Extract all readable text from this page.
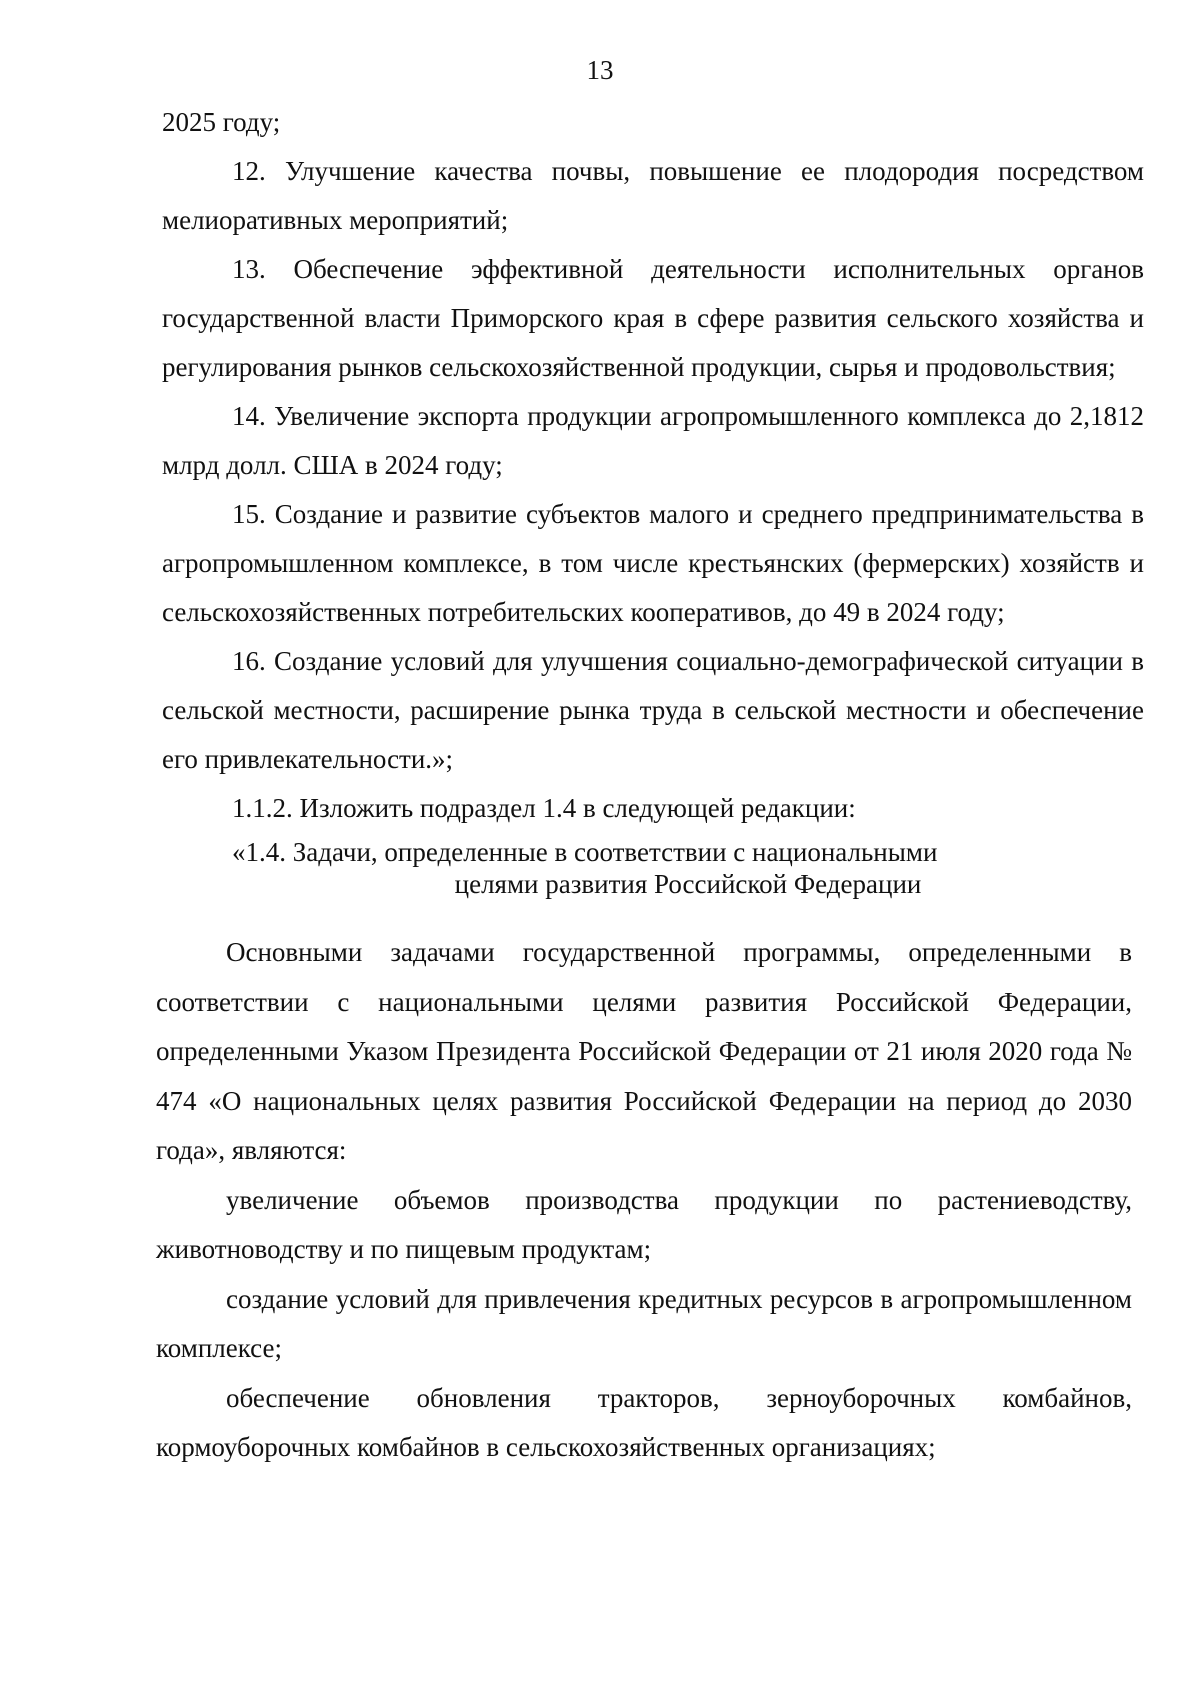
13

2025 году;

12. Улучшение качества почвы, повышение ее плодородия посредством мелиоративных мероприятий;

13. Обеспечение эффективной деятельности исполнительных органов государственной власти Приморского края в сфере развития сельского хозяйства и регулирования рынков сельскохозяйственной продукции, сырья и продовольствия;

14. Увеличение экспорта продукции агропромышленного комплекса до 2,1812 млрд долл. США в 2024 году;

15. Создание и развитие субъектов малого и среднего предпринимательства в агропромышленном комплексе, в том числе крестьянских (фермерских) хозяйств и сельскохозяйственных потребительских кооперативов, до 49 в 2024 году;

16. Создание условий для улучшения социально-демографической ситуации в сельской местности, расширение рынка труда в сельской местности и обеспечение его привлекательности.»;

1.1.2. Изложить подраздел 1.4 в следующей редакции:

«1.4. Задачи, определенные в соответствии с национальными
целями развития Российской Федерации

Основными задачами государственной программы, определенными в соответствии с национальными целями развития Российской Федерации, определенными Указом Президента Российской Федерации от 21 июля 2020 года № 474 «О национальных целях развития Российской Федерации на период до 2030 года», являются:

увеличение объемов производства продукции по растениеводству, животноводству и по пищевым продуктам;

создание условий для привлечения кредитных ресурсов в агропромышленном комплексе;

обеспечение обновления тракторов, зерноуборочных комбайнов, кормоуборочных комбайнов в сельскохозяйственных организациях;
